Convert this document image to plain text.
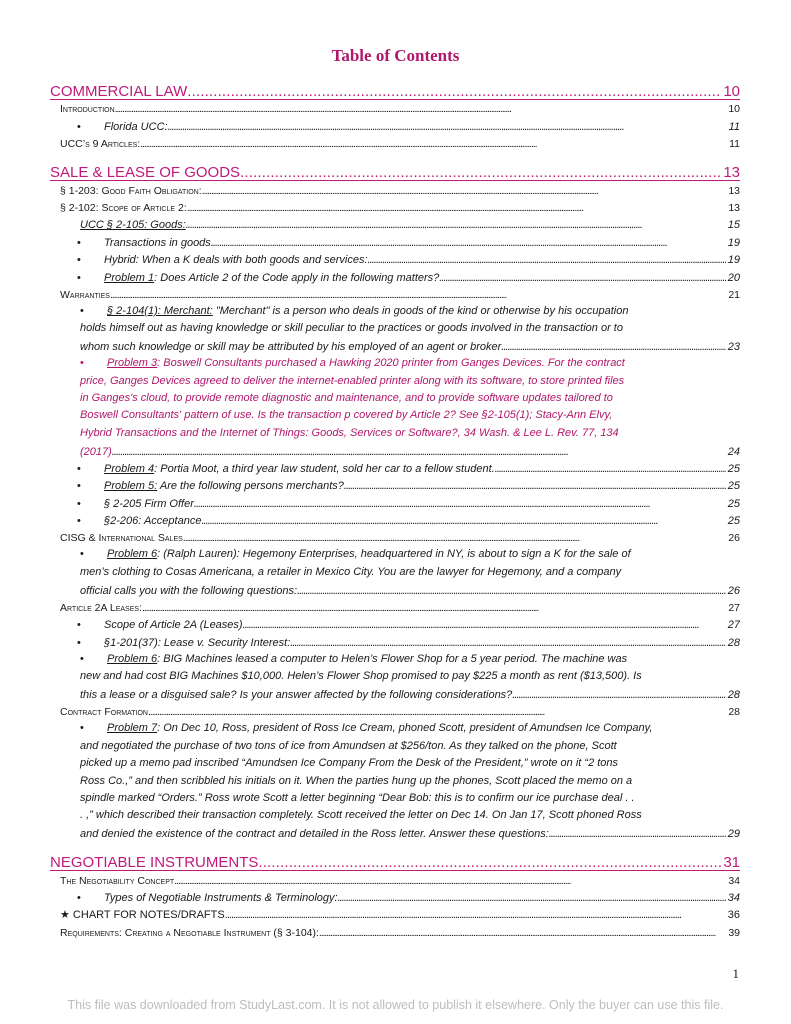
Table of Contents
COMMERCIAL LAW . . .	10
Introduction . . .	10
• Florida UCC: . . .	11
UCC’s 9 Articles: . . .	11
SALE & LEASE OF GOODS . . .	13
§ 1-203: Good Faith Obligation: . . .	13
§ 2-102: Scope of Article 2: . . .	13
UCC § 2-105: Goods: . . .	15
• Transactions in goods . . .	19
• Hybrid: When a K deals with both goods and services: . . .	19
• Problem 1: Does Article 2 of the Code apply in the following matters? . . .	20
Warranties . . .	21
• § 2-104(1): Merchant: "Merchant" is a person who deals in goods of the kind or otherwise by his occupation
holds himself out as having knowledge or skill peculiar to the practices or goods involved in the transaction or to
whom such knowledge or skill may be attributed by his employed of an agent or broker . . .	23
• Problem 3: Boswell Consultants purchased a Hawking 2020 printer from Ganges Devices. For the contract
price, Ganges Devices agreed to deliver the internet-enabled printer along with its software, to store printed files
in Ganges's cloud, to provide remote diagnostic and maintenance, and to provide software updates tailored to
Boswell Consultants' pattern of use. Is the transaction p covered by Article 2? See §2-105(1); Stacy-Ann Elvy,
Hybrid Transactions and the Internet of Things: Goods, Services or Software?, 34 Wash. & Lee L. Rev. 77, 134
(2017) . . .	24
• Problem 4: Portia Moot, a third year law student, sold her car to a fellow student. . . .	25
• Problem 5: Are the following persons merchants? . . .	25
• § 2-205 Firm Offer . . .	25
• §2-206: Acceptance . . .	25
CISG & International Sales . . .	26
• Problem 6: (Ralph Lauren): Hegemony Enterprises, headquartered in NY, is about to sign a K for the sale of
men’s clothing to Cosas Americana, a retailer in Mexico City. You are the lawyer for Hegemony, and a company
official calls you with the following questions: . . .	26
Article 2A Leases: . . .	27
• Scope of Article 2A (Leases) . . .	27
• §1-201(37): Lease v. Security Interest: . . .	28
• Problem 6: BIG Machines leased a computer to Helen’s Flower Shop for a 5 year period. The machine was
new and had cost BIG Machines $10,000. Helen’s Flower Shop promised to pay $225 a month as rent ($13,500). Is
this a lease or a disguised sale? Is your answer affected by the following considerations? . . .	28
Contract Formation . . .	28
• Problem 7: On Dec 10, Ross, president of Ross Ice Cream, phoned Scott, president of Amundsen Ice Company,
and negotiated the purchase of two tons of ice from Amundsen at $256/ton. As they talked on the phone, Scott
picked up a memo pad inscribed “Amundsen Ice Company From the Desk of the President,” wrote on it “2 tons
Ross Co.,” and then scribbled his initials on it. When the parties hung up the phones, Scott placed the memo on a
spindle marked “Orders.” Ross wrote Scott a letter beginning “Dear Bob: this is to confirm our ice purchase deal . .
. ,” which described their transaction completely. Scott received the letter on Dec 14. On Jan 17, Scott phoned Ross
and denied the existence of the contract and detailed in the Ross letter. Answer these questions: . . .	29
NEGOTIABLE INSTRUMENTS . . .	31
The Negotiability Concept . . .	34
• Types of Negotiable Instruments & Terminology: . . .	34
★ CHART FOR NOTES/DRAFTS . . .	36
Requirements: Creating a Negotiable Instrument (§ 3-104): . . .	39
1
This file was downloaded from StudyLast.com. It is not allowed to publish it elsewhere. Only the buyer can use this file.
